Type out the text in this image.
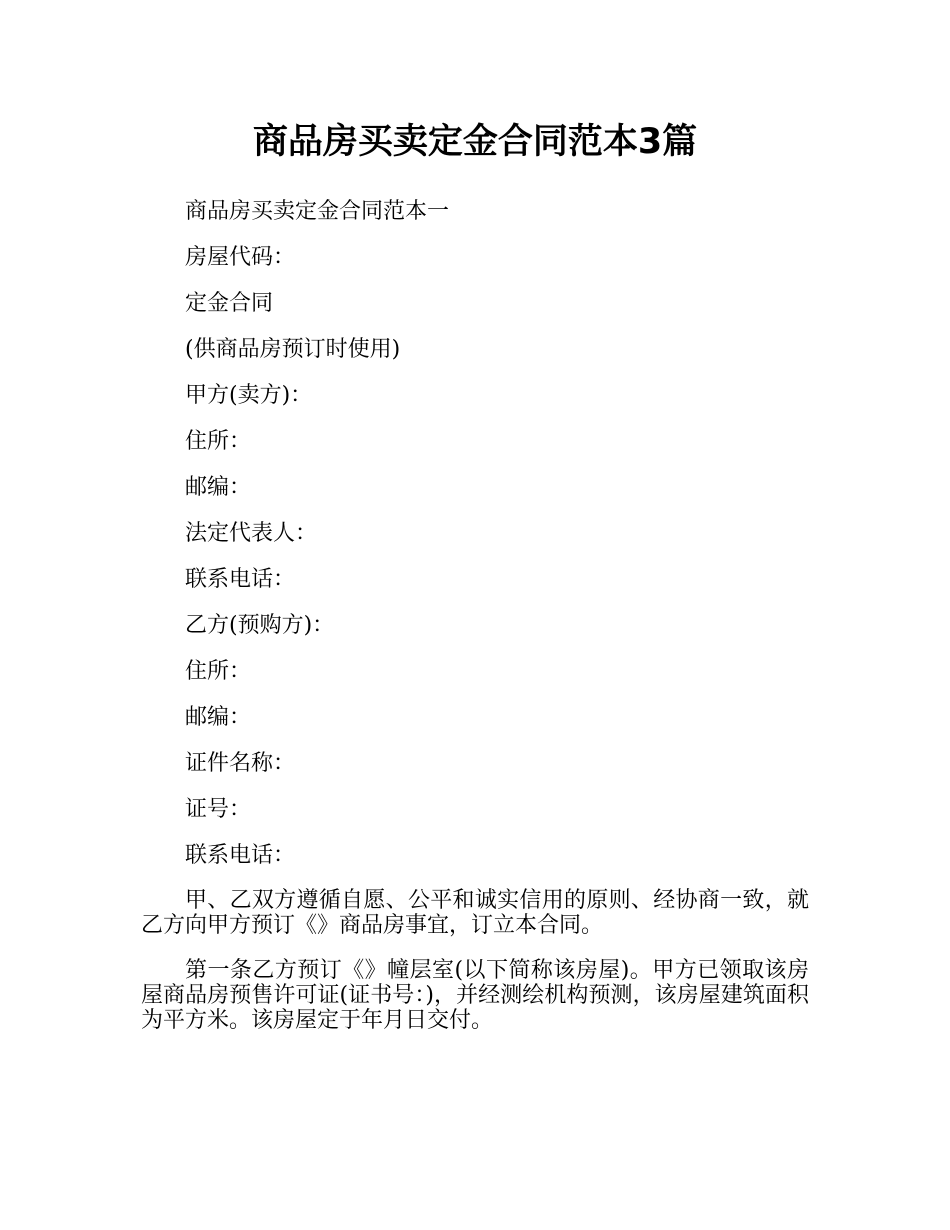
商品房买卖定金合同范本3篇

商品房买卖定金合同范本一

房屋代码：

定金合同

(供商品房预订时使用)

甲方(卖方)：

住所：

邮编：

法定代表人：

联系电话：

乙方(预购方)：

住所：

邮编：

证件名称：

证号：

联系电话：

甲、乙双方遵循自愿、公平和诚实信用的原则、经协商一致，就乙方向甲方预订《》商品房事宜，订立本合同。

第一条乙方预订《》幢层室(以下简称该房屋)。甲方已领取该房屋商品房预售许可证(证书号：)，并经测绘机构预测，该房屋建筑面积为平方米。该房屋定于年月日交付。
